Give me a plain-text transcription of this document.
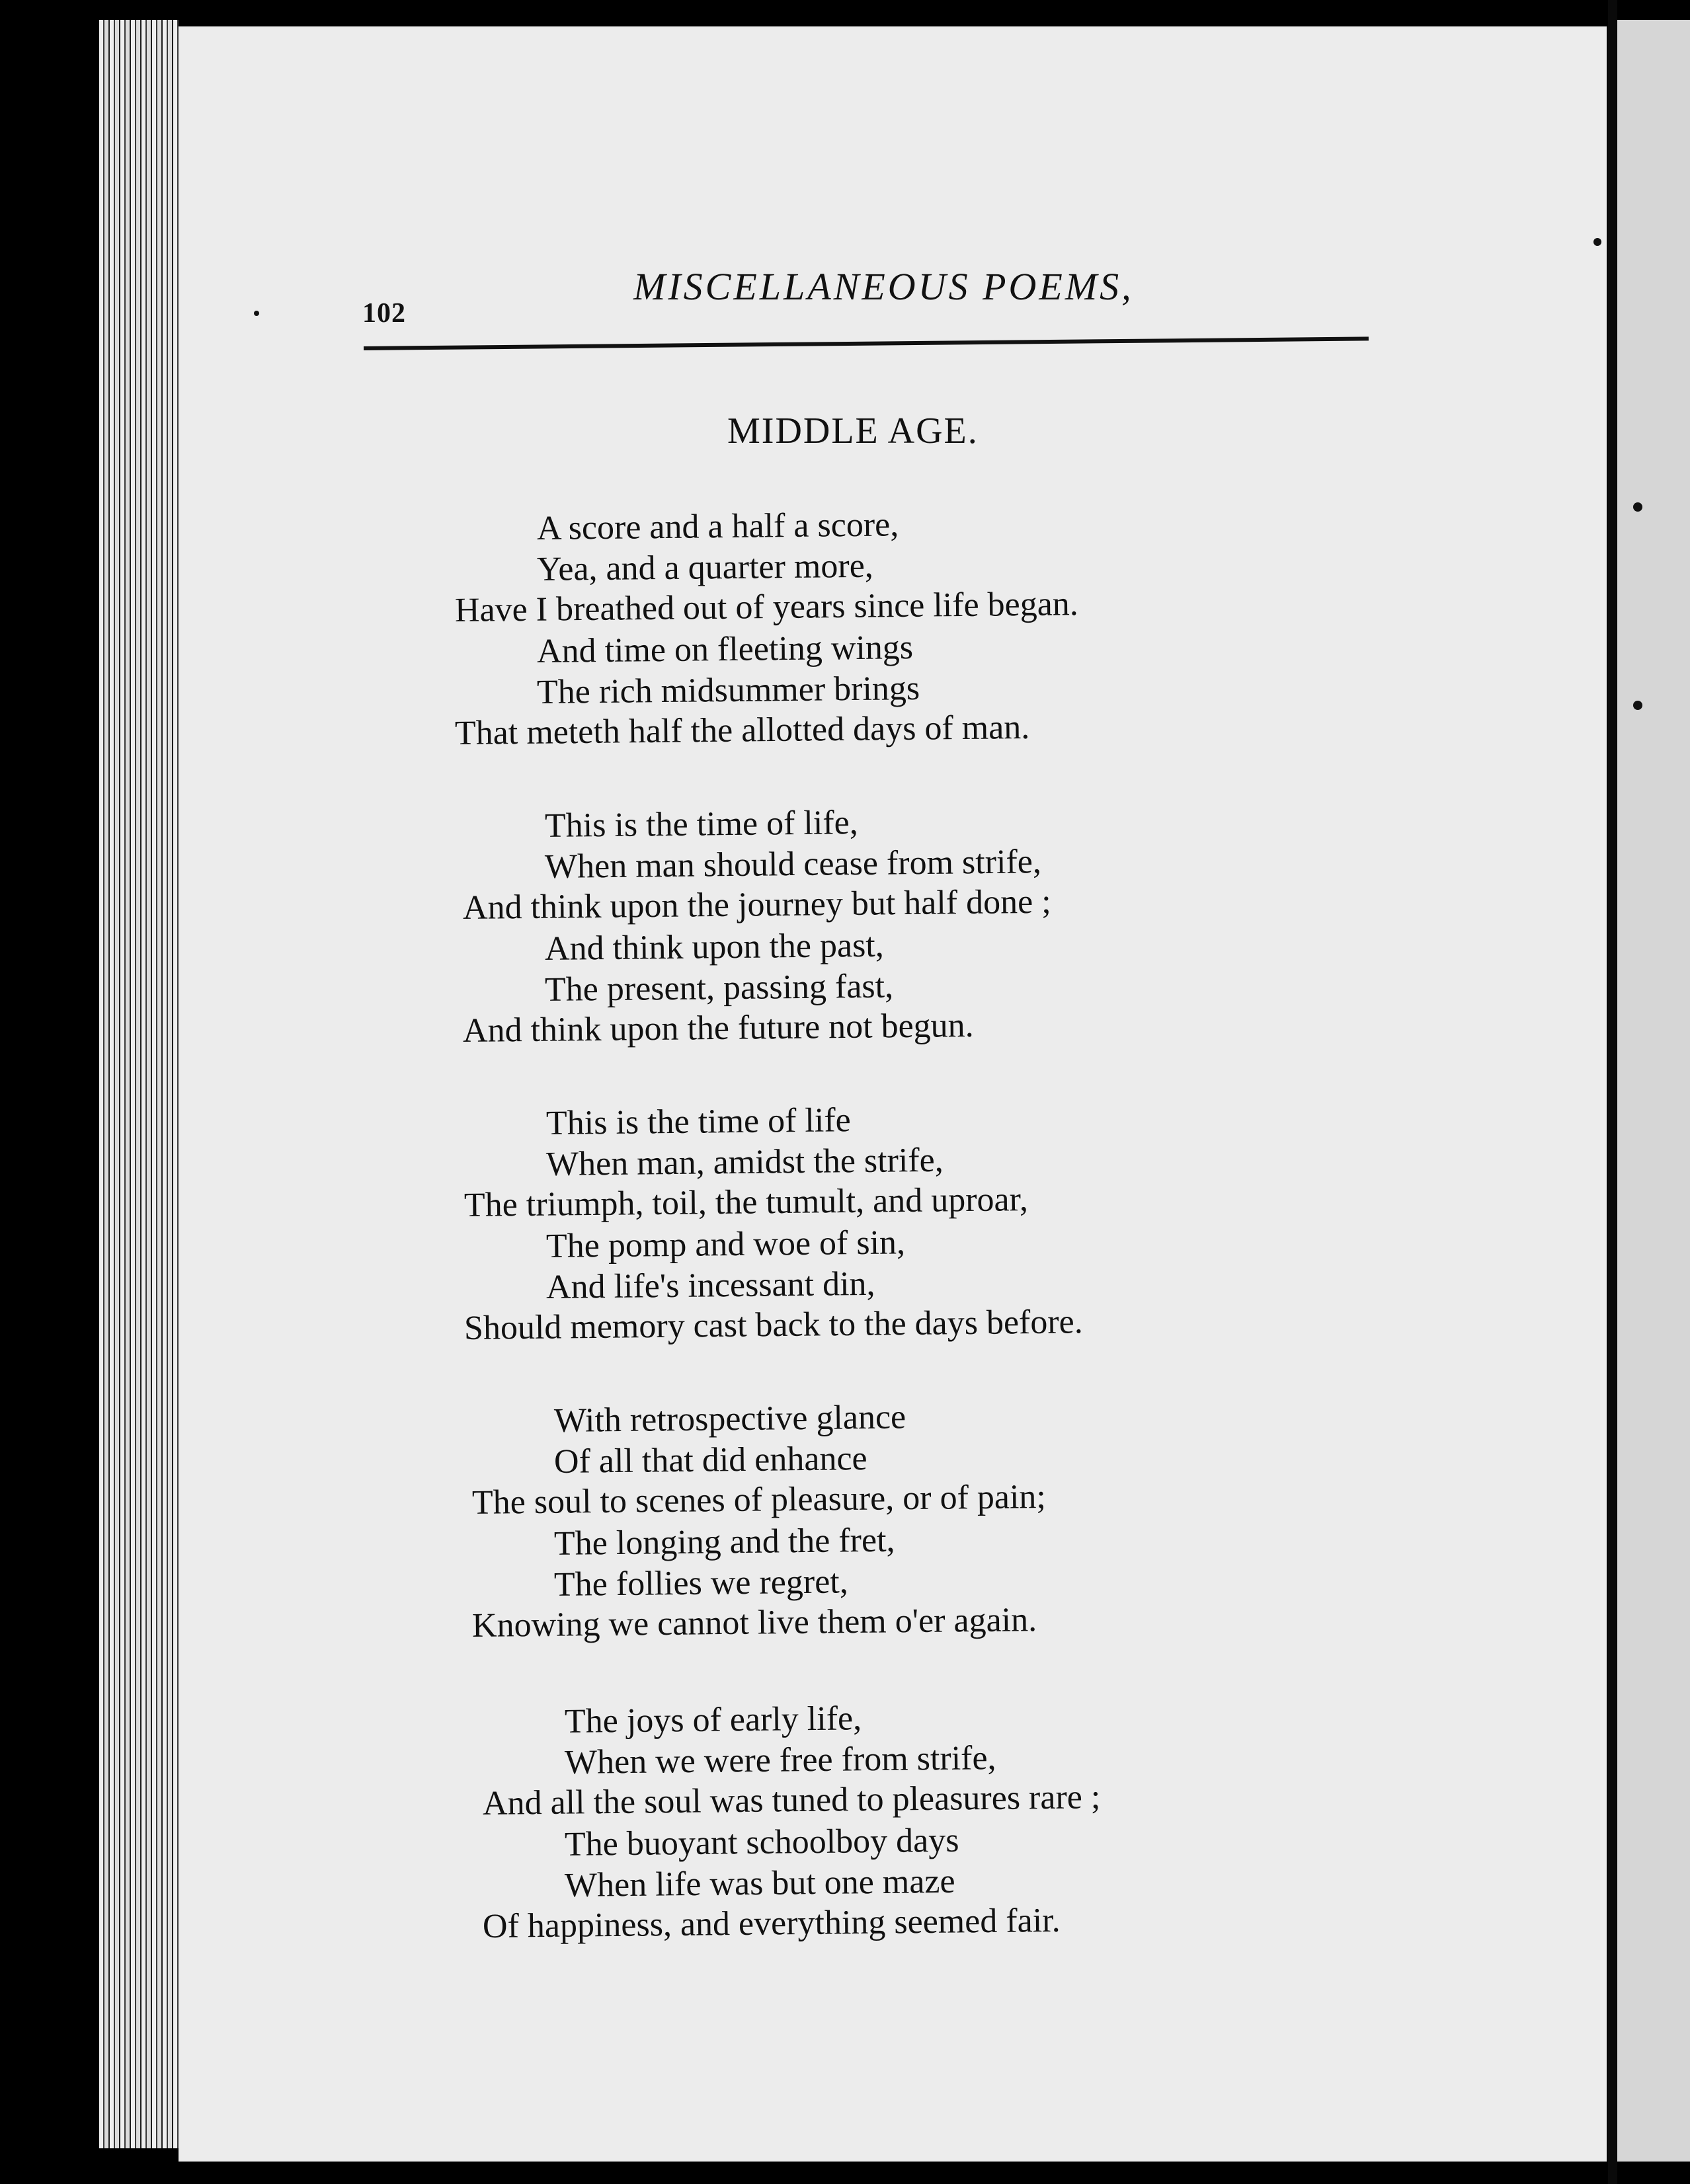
102
MISCELLANEOUS POEMS,
MIDDLE AGE.
A score and a half a score,
Yea, and a quarter more,
Have I breathed out of years since life began.
And time on fleeting wings
The rich midsummer brings
That meteth half the allotted days of man.
This is the time of life,
When man should cease from strife,
And think upon the journey but half done ;
And think upon the past,
The present, passing fast,
And think upon the future not begun.
This is the time of life
When man, amidst the strife,
The triumph, toil, the tumult, and uproar,
The pomp and woe of sin,
And life's incessant din,
Should memory cast back to the days before.
With retrospective glance
Of all that did enhance
The soul to scenes of pleasure, or of pain;
The longing and the fret,
The follies we regret,
Knowing we cannot live them o'er again.
The joys of early life,
When we were free from strife,
And all the soul was tuned to pleasures rare ;
The buoyant schoolboy days
When life was but one maze
Of happiness, and everything seemed fair.
